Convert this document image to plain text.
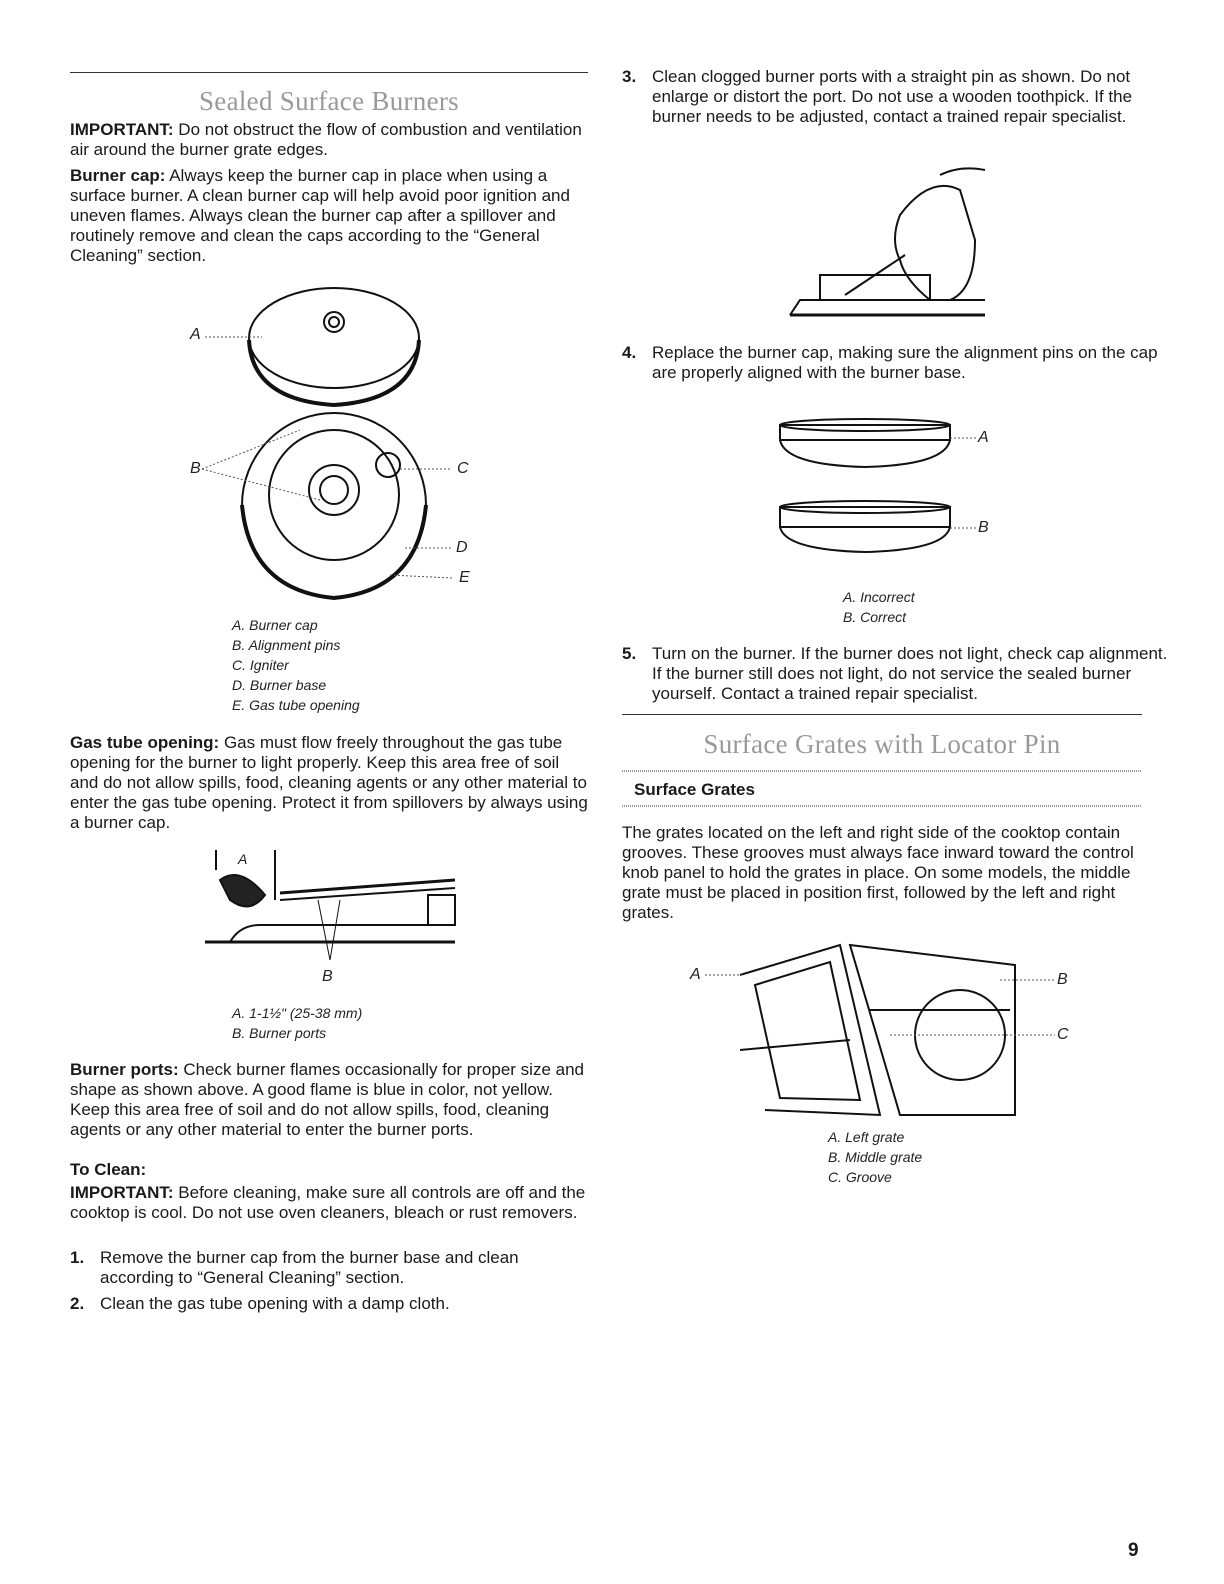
Sealed Surface Burners
IMPORTANT: Do not obstruct the flow of combustion and ventilation air around the burner grate edges.
Burner cap: Always keep the burner cap in place when using a surface burner. A clean burner cap will help avoid poor ignition and uneven flames. Always clean the burner cap after a spillover and routinely remove and clean the caps according to the “General Cleaning” section.
A
B	C
D
E
A. Burner cap
B. Alignment pins
C. Igniter
D. Burner base
E. Gas tube opening
Gas tube opening: Gas must flow freely throughout the gas tube opening for the burner to light properly. Keep this area free of soil and do not allow spills, food, cleaning agents or any other material to enter the gas tube opening. Protect it from spillovers by always using a burner cap.
A
B
A. 1-1½" (25-38 mm)
B. Burner ports
Burner ports: Check burner flames occasionally for proper size and shape as shown above. A good flame is blue in color, not yellow. Keep this area free of soil and do not allow spills, food, cleaning agents or any other material to enter the burner ports.
To Clean:
IMPORTANT: Before cleaning, make sure all controls are off and the cooktop is cool. Do not use oven cleaners, bleach or rust removers.
1. Remove the burner cap from the burner base and clean according to “General Cleaning” section.
2. Clean the gas tube opening with a damp cloth.
3. Clean clogged burner ports with a straight pin as shown. Do not enlarge or distort the port. Do not use a wooden toothpick. If the burner needs to be adjusted, contact a trained repair specialist.
4. Replace the burner cap, making sure the alignment pins on the cap are properly aligned with the burner base.
A
B
A. Incorrect
B. Correct
5. Turn on the burner. If the burner does not light, check cap alignment. If the burner still does not light, do not service the sealed burner yourself. Contact a trained repair specialist.
Surface Grates with Locator Pin
Surface Grates
The grates located on the left and right side of the cooktop contain grooves. These grooves must always face inward toward the control knob panel to hold the grates in place. On some models, the middle grate must be placed in position first, followed by the left and right grates.
A	B
C
A. Left grate
B. Middle grate
C. Groove
9
